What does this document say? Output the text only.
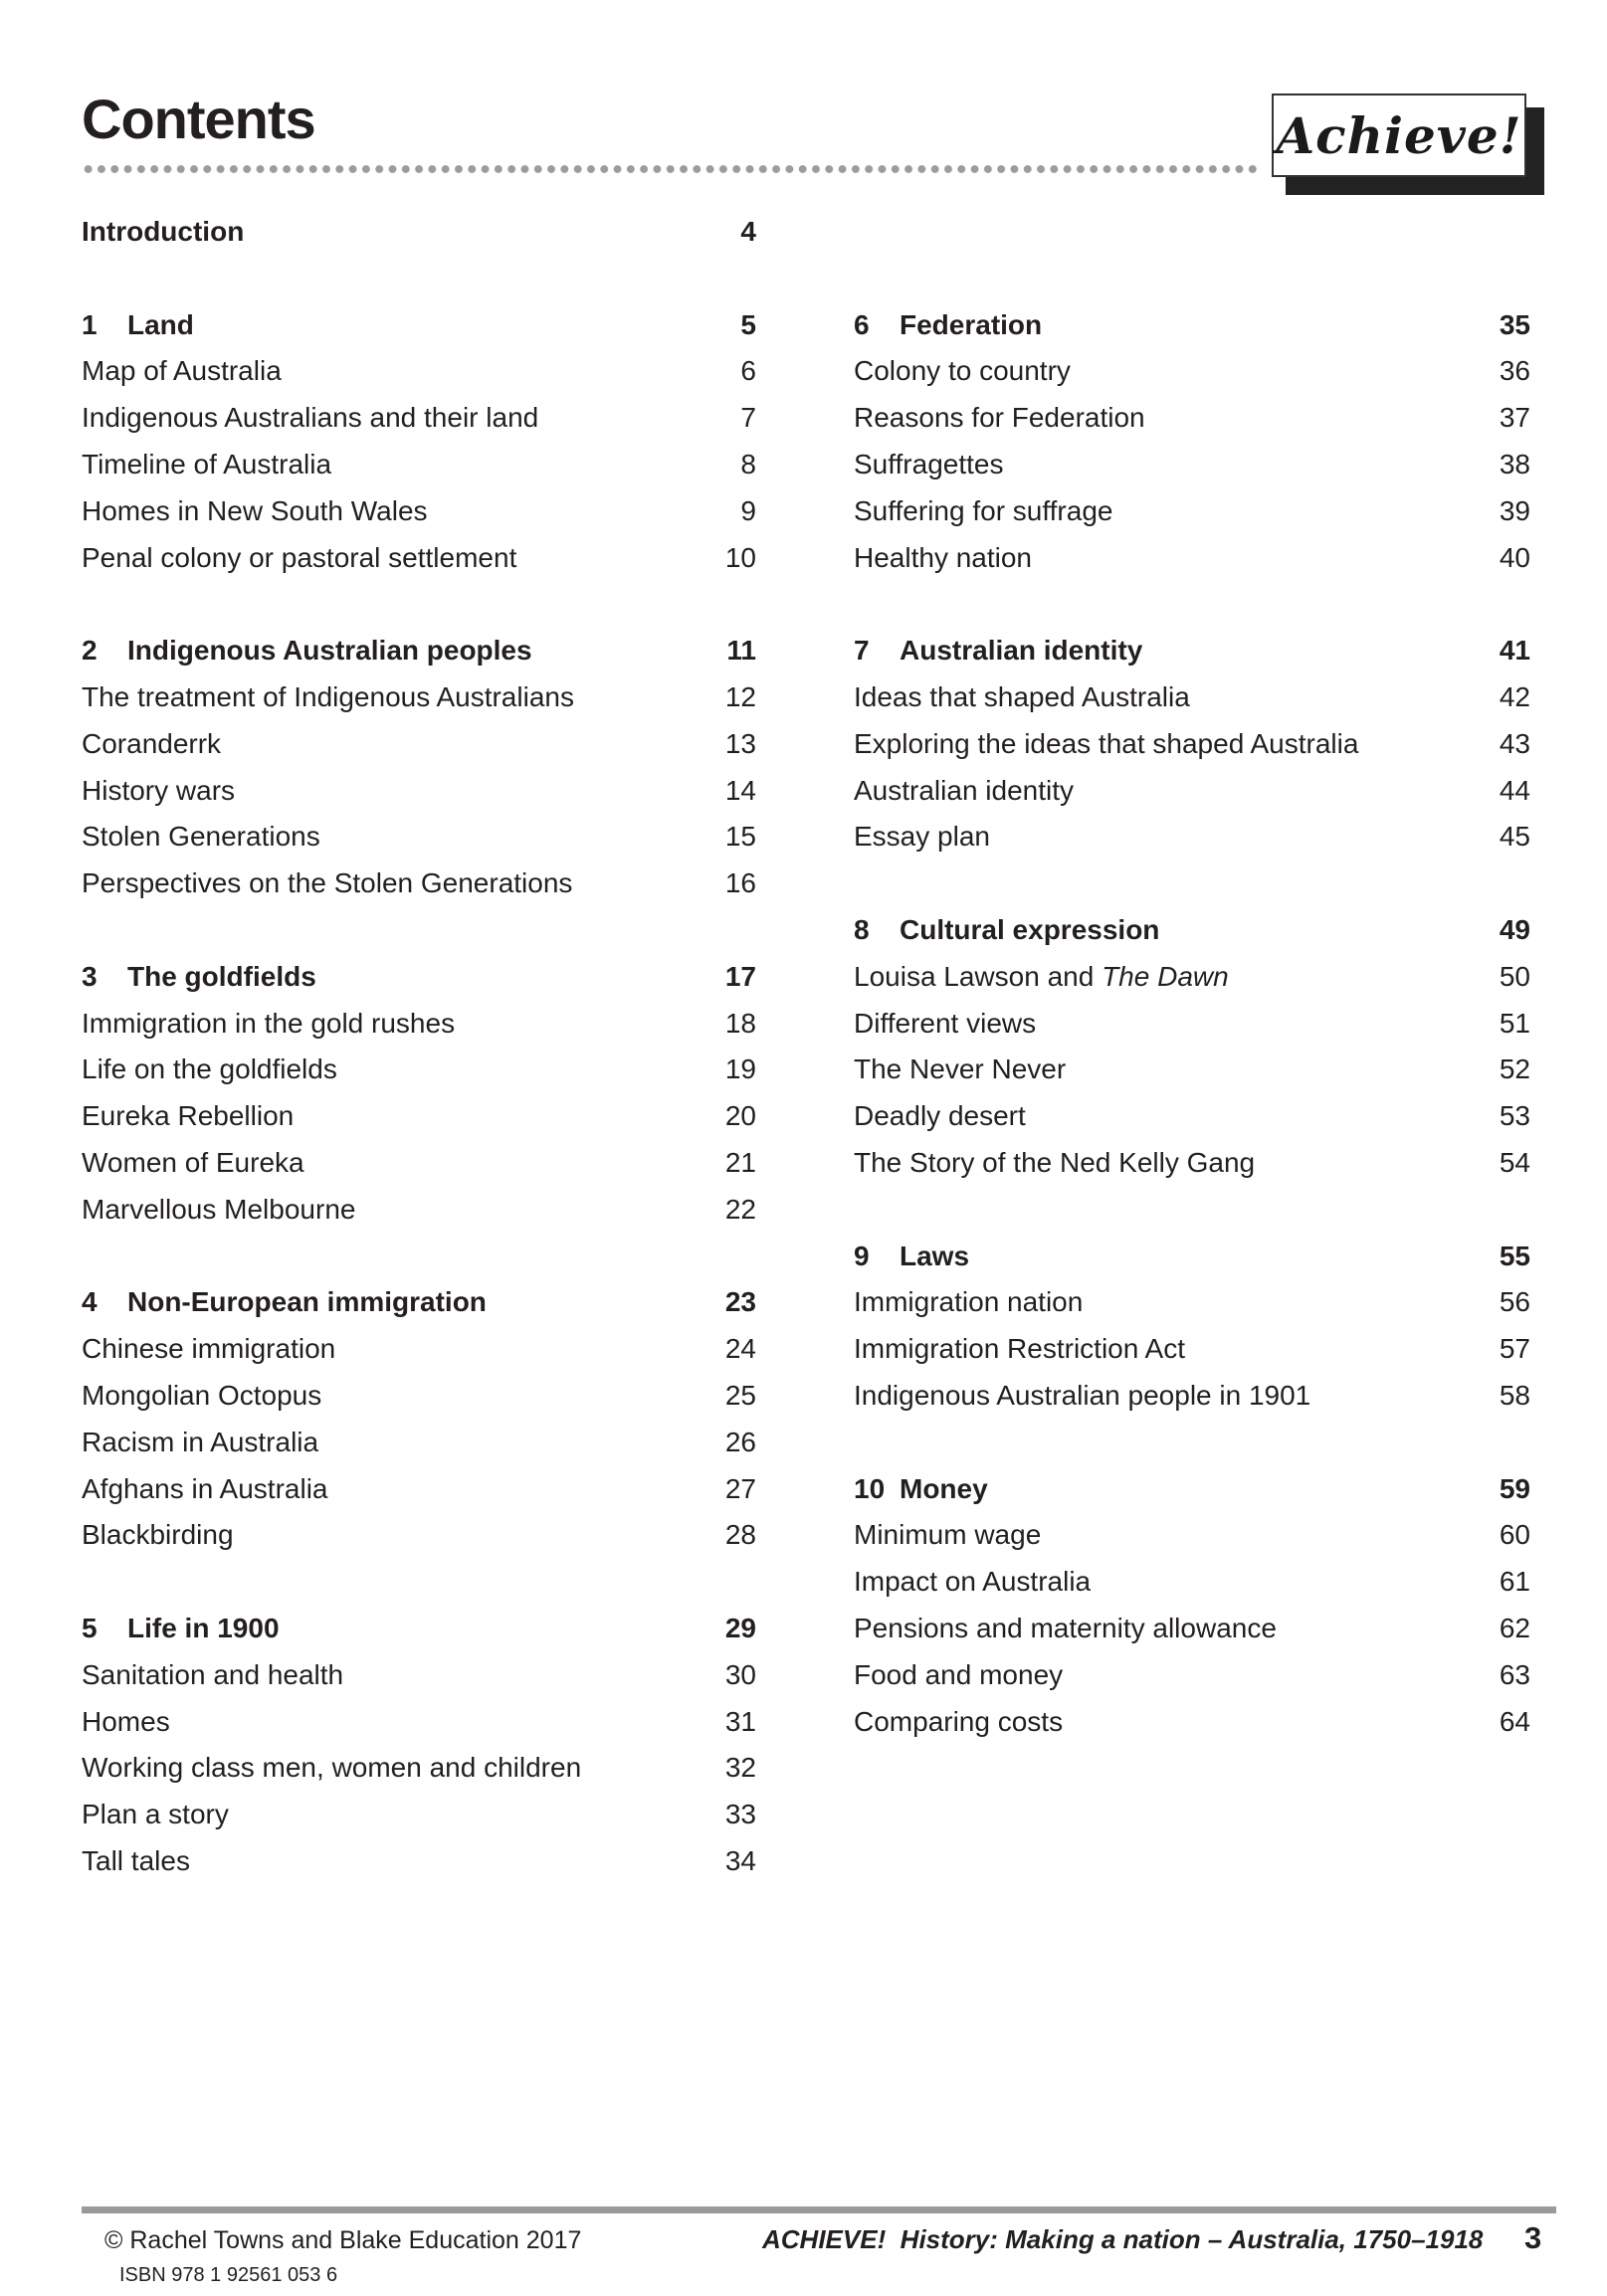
Contents	Achieve!
Introduction	4
1 Land	5
Map of Australia	6
Indigenous Australians and their land	7
Timeline of Australia	8
Homes in New South Wales	9
Penal colony or pastoral settlement	10
2 Indigenous Australian peoples	11
The treatment of Indigenous Australians	12
Coranderrk	13
History wars	14
Stolen Generations	15
Perspectives on the Stolen Generations	16
3 The goldfields	17
Immigration in the gold rushes	18
Life on the goldfields	19
Eureka Rebellion	20
Women of Eureka	21
Marvellous Melbourne	22
4 Non-European immigration	23
Chinese immigration	24
Mongolian Octopus	25
Racism in Australia	26
Afghans in Australia	27
Blackbirding	28
5 Life in 1900	29
Sanitation and health	30
Homes	31
Working class men, women and children	32
Plan a story	33
Tall tales	34
6 Federation	35
Colony to country	36
Reasons for Federation	37
Suffragettes	38
Suffering for suffrage	39
Healthy nation	40
7 Australian identity	41
Ideas that shaped Australia	42
Exploring the ideas that shaped Australia	43
Australian identity	44
Essay plan	45
8 Cultural expression	49
Louisa Lawson and The Dawn	50
Different views	51
The Never Never	52
Deadly desert	53
The Story of the Ned Kelly Gang	54
9 Laws	55
Immigration nation	56
Immigration Restriction Act	57
Indigenous Australian people in 1901	58
10 Money	59
Minimum wage	60
Impact on Australia	61
Pensions and maternity allowance	62
Food and money	63
Comparing costs	64
© Rachel Towns and Blake Education 2017
ISBN 978 1 92561 053 6
ACHIEVE!  History: Making a nation – Australia, 1750–1918 3
